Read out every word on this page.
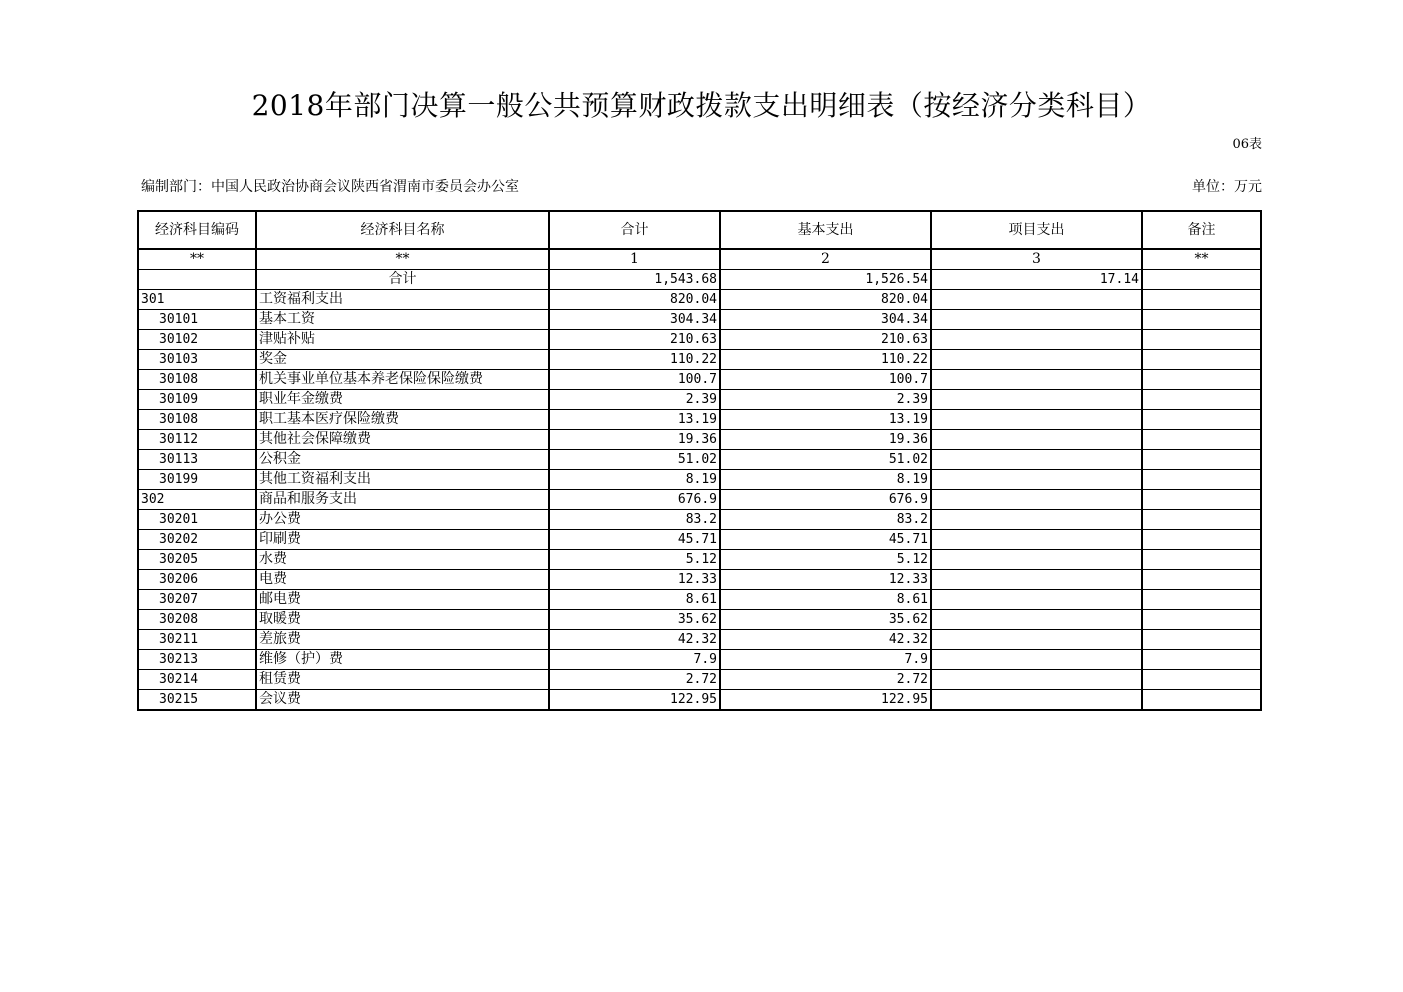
2018年部门决算一般公共预算财政拨款支出明细表（按经济分类科目）
06表
编制部门：中国人民政治协商会议陕西省渭南市委员会办公室	单位：万元
经济科目编码	经济科目名称	合计	基本支出	项目支出	备注
**	**	1	2	3	**
	合计	1,543.68	1,526.54	17.14	
301	工资福利支出	820.04	820.04		
30101	基本工资	304.34	304.34		
30102	津贴补贴	210.63	210.63		
30103	奖金	110.22	110.22		
30108	机关事业单位基本养老保险保险缴费	100.7	100.7		
30109	职业年金缴费	2.39	2.39		
30108	职工基本医疗保险缴费	13.19	13.19		
30112	其他社会保障缴费	19.36	19.36		
30113	公积金	51.02	51.02		
30199	其他工资福利支出	8.19	8.19		
302	商品和服务支出	676.9	676.9		
30201	办公费	83.2	83.2		
30202	印刷费	45.71	45.71		
30205	水费	5.12	5.12		
30206	电费	12.33	12.33		
30207	邮电费	8.61	8.61		
30208	取暖费	35.62	35.62		
30211	差旅费	42.32	42.32		
30213	维修（护）费	7.9	7.9		
30214	租赁费	2.72	2.72		
30215	会议费	122.95	122.95		
